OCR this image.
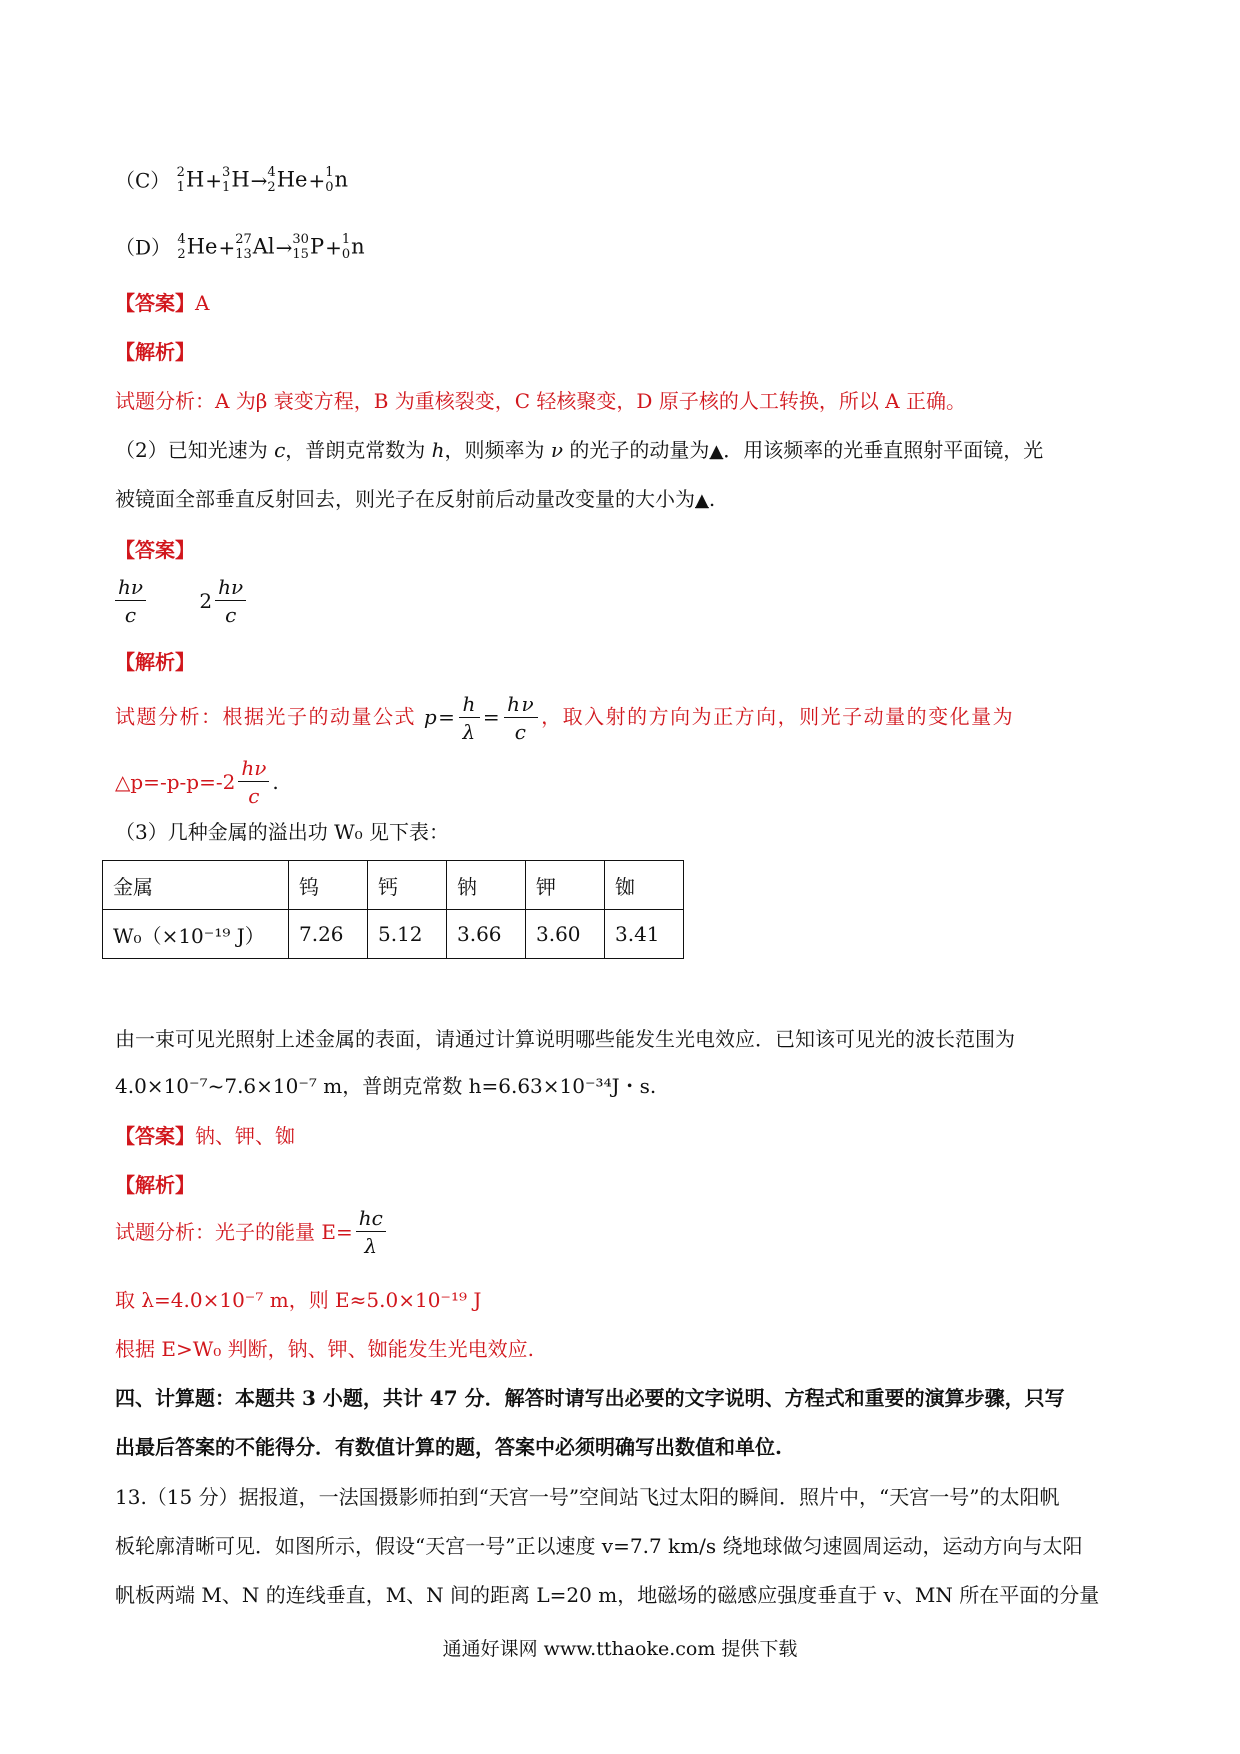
（C） 2
1 H+ 3
1 H→ 4
2 He+ 1
0 n
（D） 4
2 He+ 27
13 Al→ 30
15 P+ 1
0 n
【答案】A
【解析】
试题分析：A 为β 衰变方程，B 为重核裂变，C 轻核聚变，D 原子核的人工转换，所以 A 正确。
（2）已知光速为 c，普朗克常数为 h，则频率为 ν 的光子的动量为▲．用该频率的光垂直照射平面镜，光
被镜面全部垂直反射回去，则光子在反射前后动量改变量的大小为▲.
【答案】
$\frac{h\nu}{c}$	$2 \frac{h\nu}{c}$
【解析】
试题分析：根据光子的动量公式 $p= \frac{h}{\lambda} = \frac{h\nu}{c}$ ，取入射的方向为正方向，则光子动量的变化量为
△p=-p-p=-2 $\frac{h\nu}{c}$ .
（3）几种金属的溢出功 W₀ 见下表：
金属	钨	钙	钠	钾	铷
W₀（×10⁻¹⁹ J）	7.26	5.12	3.66	3.60	3.41
由一束可见光照射上述金属的表面，请通过计算说明哪些能发生光电效应．已知该可见光的波长范围为
4.0×10⁻⁷~7.6×10⁻⁷ m，普朗克常数 h=6.63×10⁻³⁴J・s.
【答案】钠、钾、铷
【解析】
试题分析：光子的能量 $E= \frac{hc}{\lambda}$
取 λ=4.0×10⁻⁷ m，则 E≈5.0×10⁻¹⁹ J
根据 E>W₀ 判断，钠、钾、铷能发生光电效应.
四、计算题：本题共 3 小题，共计 47 分．解答时请写出必要的文字说明、方程式和重要的演算步骤，只写
出最后答案的不能得分．有数值计算的题，答案中必须明确写出数值和单位.
13.（15 分）据报道，一法国摄影师拍到“天宫一号”空间站飞过太阳的瞬间．照片中，“天宫一号”的太阳帆
板轮廓清晰可见．如图所示，假设“天宫一号”正以速度 v=7.7 km/s 绕地球做匀速圆周运动，运动方向与太阳
帆板两端 M、N 的连线垂直，M、N 间的距离 L=20 m，地磁场的磁感应强度垂直于 v、MN 所在平面的分量
通通好课网 www.tthaoke.com 提供下载
